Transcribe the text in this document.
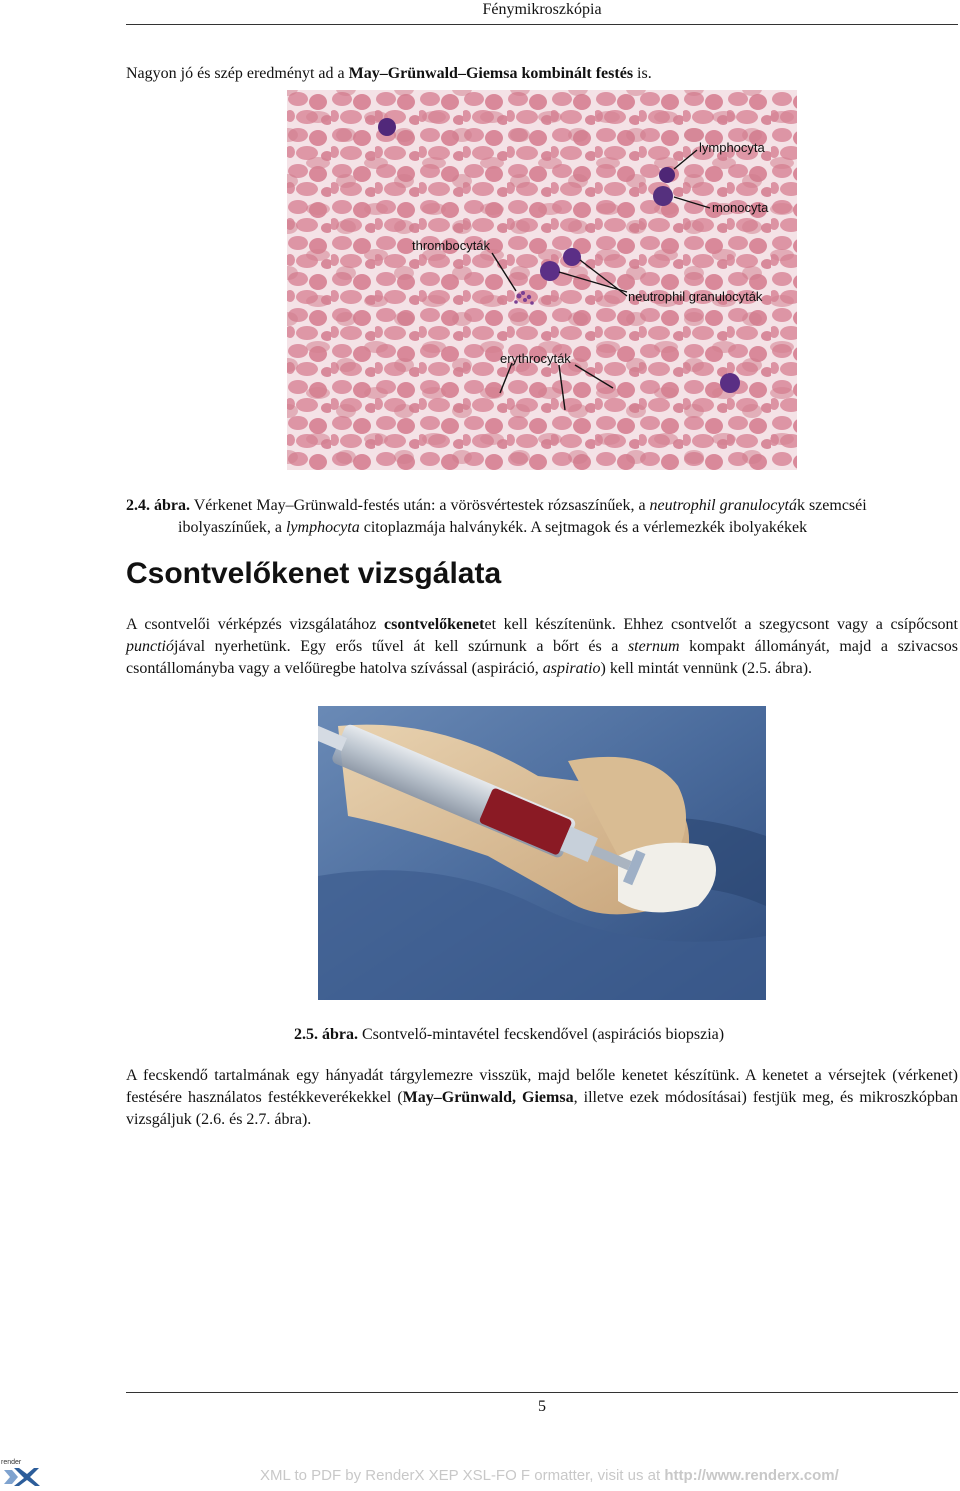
Fénymikroszkópia

Nagyon jó és szép eredményt ad a May–Grünwald–Giemsa kombinált festés is.

lymphocyta
monocyta
thrombocyták
neutrophil granulocyták
erythrocyták

2.4. ábra. Vérkenet May–Grünwald-festés után: a vörösvértestek rózsaszínűek, a neutrophil granulocyták szemcséi ibolyaszínűek, a lymphocyta citoplazmája halványkék. A sejtmagok és a vérlemezkék ibolyakékek

Csontvelőkenet vizsgálata

A csontvelői vérképzés vizsgálatához csontvelőkenetet kell készítenünk. Ehhez csontvelőt a szegycsont vagy a csípőcsont punctiójával nyerhetünk. Egy erős tűvel át kell szúrnunk a bőrt és a sternum kompakt állományát, majd a szivacsos csontállományba vagy a velőüregbe hatolva szívással (aspiráció, aspiratio) kell mintát vennünk (2.5. ábra).

2.5. ábra. Csontvelő-mintavétel fecskendővel (aspirációs biopszia)

A fecskendő tartalmának egy hányadát tárgylemezre visszük, majd belőle kenetet készítünk. A kenetet a vérsejtek (vérkenet) festésére használatos festékkeverékekkel (May–Grünwald, Giemsa, illetve ezek módosításai) festjük meg, és mikroszkópban vizsgáljuk (2.6. és 2.7. ábra).

5
render
XML to PDF by RenderX XEP XSL-FO F ormatter, visit us at http://www.renderx.com/
